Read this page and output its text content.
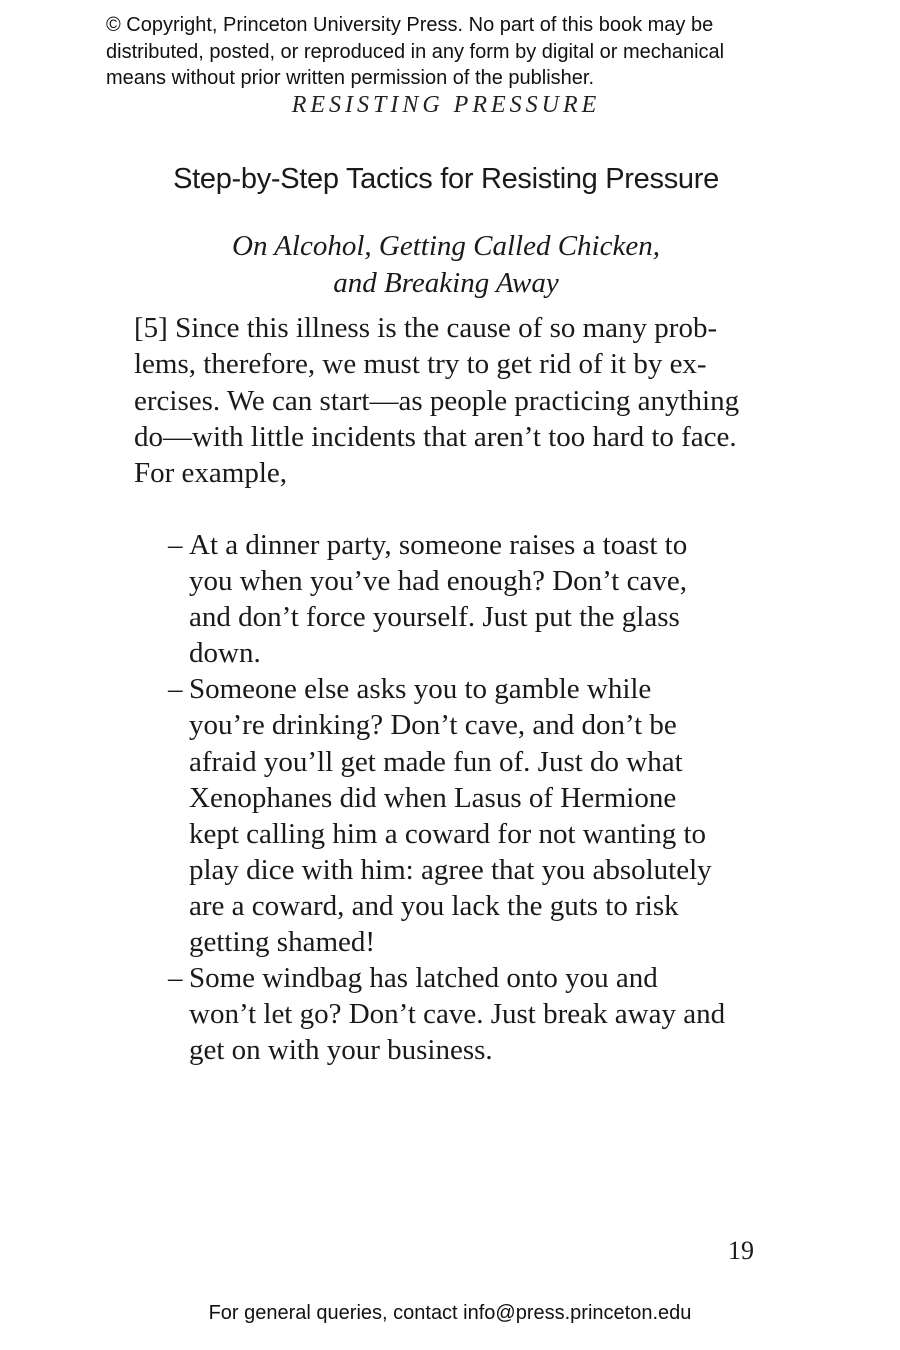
© Copyright, Princeton University Press. No part of this book may be
distributed, posted, or reproduced in any form by digital or mechanical
means without prior written permission of the publisher.
RESISTING PRESSURE
Step-by-Step Tactics for Resisting Pressure
On Alcohol, Getting Called Chicken,
and Breaking Away
[5] Since this illness is the cause of so many prob-
lems, therefore, we must try to get rid of it by ex-
ercises. We can start—as people practicing anything
do—with little incidents that aren’t too hard to face.
For example,
– At a dinner party, someone raises a toast to
you when you’ve had enough? Don’t cave,
and don’t force yourself. Just put the glass
down.
– Someone else asks you to gamble while
you’re drinking? Don’t cave, and don’t be
afraid you’ll get made fun of. Just do what
Xenophanes did when Lasus of Hermione
kept calling him a coward for not wanting to
play dice with him: agree that you absolutely
are a coward, and you lack the guts to risk
getting shamed!
– Some windbag has latched onto you and
won’t let go? Don’t cave. Just break away and
get on with your business.
19
For general queries, contact info@press.princeton.edu
